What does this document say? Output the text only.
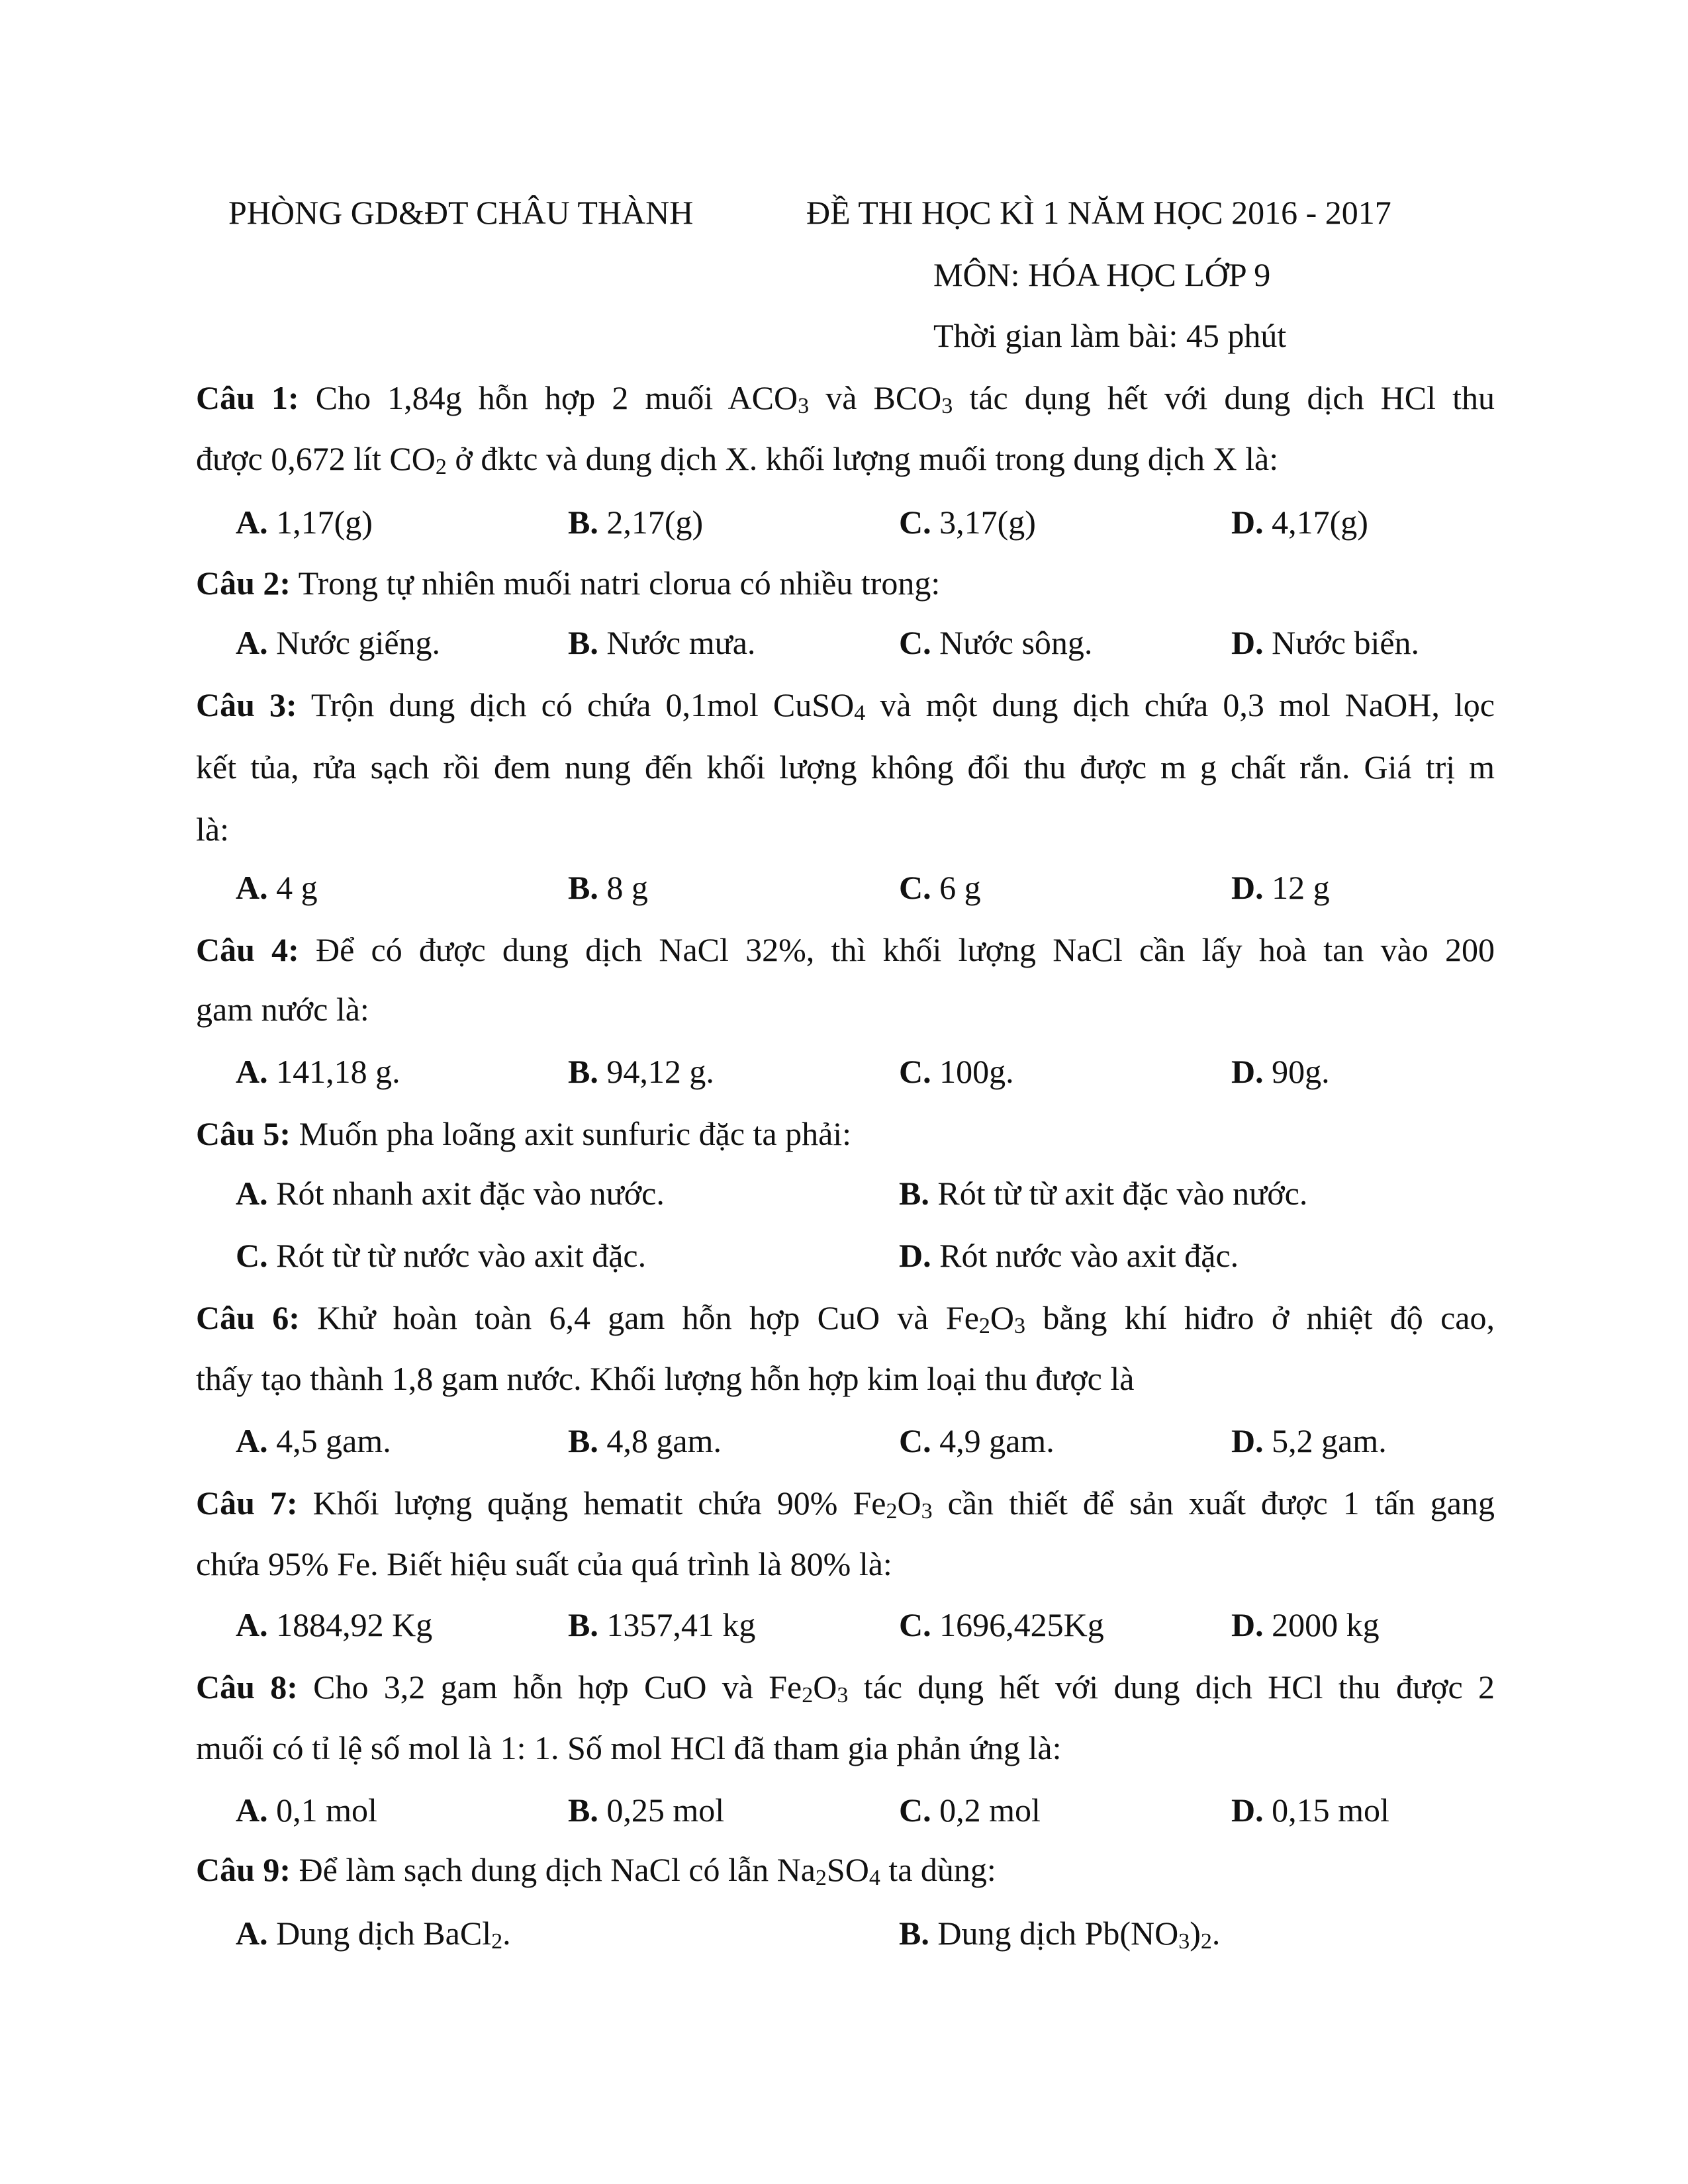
PHÒNG GD&ĐT CHÂU THÀNH	ĐỀ THI HỌC KÌ 1 NĂM HỌC 2016 - 2017
MÔN: HÓA HỌC LỚP 9
Thời gian làm bài: 45 phút
Câu 1: Cho 1,84g hỗn hợp 2 muối $ACO_3$ và $BCO_3$ tác dụng hết với dung dịch HCl thu
được 0,672 lít $CO_2$ ở đktc và dung dịch X. khối lượng muối trong dung dịch X là:
A. 1,17(g)	B. 2,17(g)	C. 3,17(g)	D. 4,17(g)
Câu 2: Trong tự nhiên muối natri clorua có nhiều trong:
A. Nước giếng.	B. Nước mưa.	C. Nước sông.	D. Nước biển.
Câu 3: Trộn dung dịch có chứa 0,1mol CuSO$_4$ và một dung dịch chứa 0,3 mol NaOH, lọc
kết tủa, rửa sạch rồi đem nung đến khối lượng không đổi thu được m g chất rắn. Giá trị m
là:
A. 4 g	B. 8 g	C. 6 g	D. 12 g
Câu 4: Để có được dung dịch NaCl 32%, thì khối lượng NaCl cần lấy hoà tan vào 200
gam nước là:
A. 141,18 g.	B. 94,12 g.	C. 100g.	D. 90g.
Câu 5: Muốn pha loãng axit sunfuric đặc ta phải:
A. Rót nhanh axit đặc vào nước.	B. Rót từ từ axit đặc vào nước.
C. Rót từ từ nước vào axit đặc.	D. Rót nước vào axit đặc.
Câu 6: Khử hoàn toàn 6,4 gam hỗn hợp CuO và $Fe_2O_3$ bằng khí hiđro ở nhiệt độ cao,
thấy tạo thành 1,8 gam nước. Khối lượng hỗn hợp kim loại thu được là
A. 4,5 gam.	B. 4,8 gam.	C. 4,9 gam.	D. 5,2 gam.
Câu 7: Khối lượng quặng hematit chứa 90% $Fe_2O_3$ cần thiết để sản xuất được 1 tấn gang
chứa 95% Fe. Biết hiệu suất của quá trình là 80% là:
A. 1884,92 Kg	B. 1357,41 kg	C. 1696,425Kg	D. 2000 kg
Câu 8: Cho 3,2 gam hỗn hợp CuO và $Fe_2O_3$ tác dụng hết với dung dịch HCl thu được 2
muối có tỉ lệ số mol là 1: 1. Số mol HCl đã tham gia phản ứng là:
A. 0,1 mol	B. 0,25 mol	C. 0,2 mol	D. 0,15 mol
Câu 9: Để làm sạch dung dịch NaCl có lẫn $Na_2SO_4$ ta dùng:
A. Dung dịch BaCl$_2$.	B. Dung dịch $Pb(NO_3)_2$.
